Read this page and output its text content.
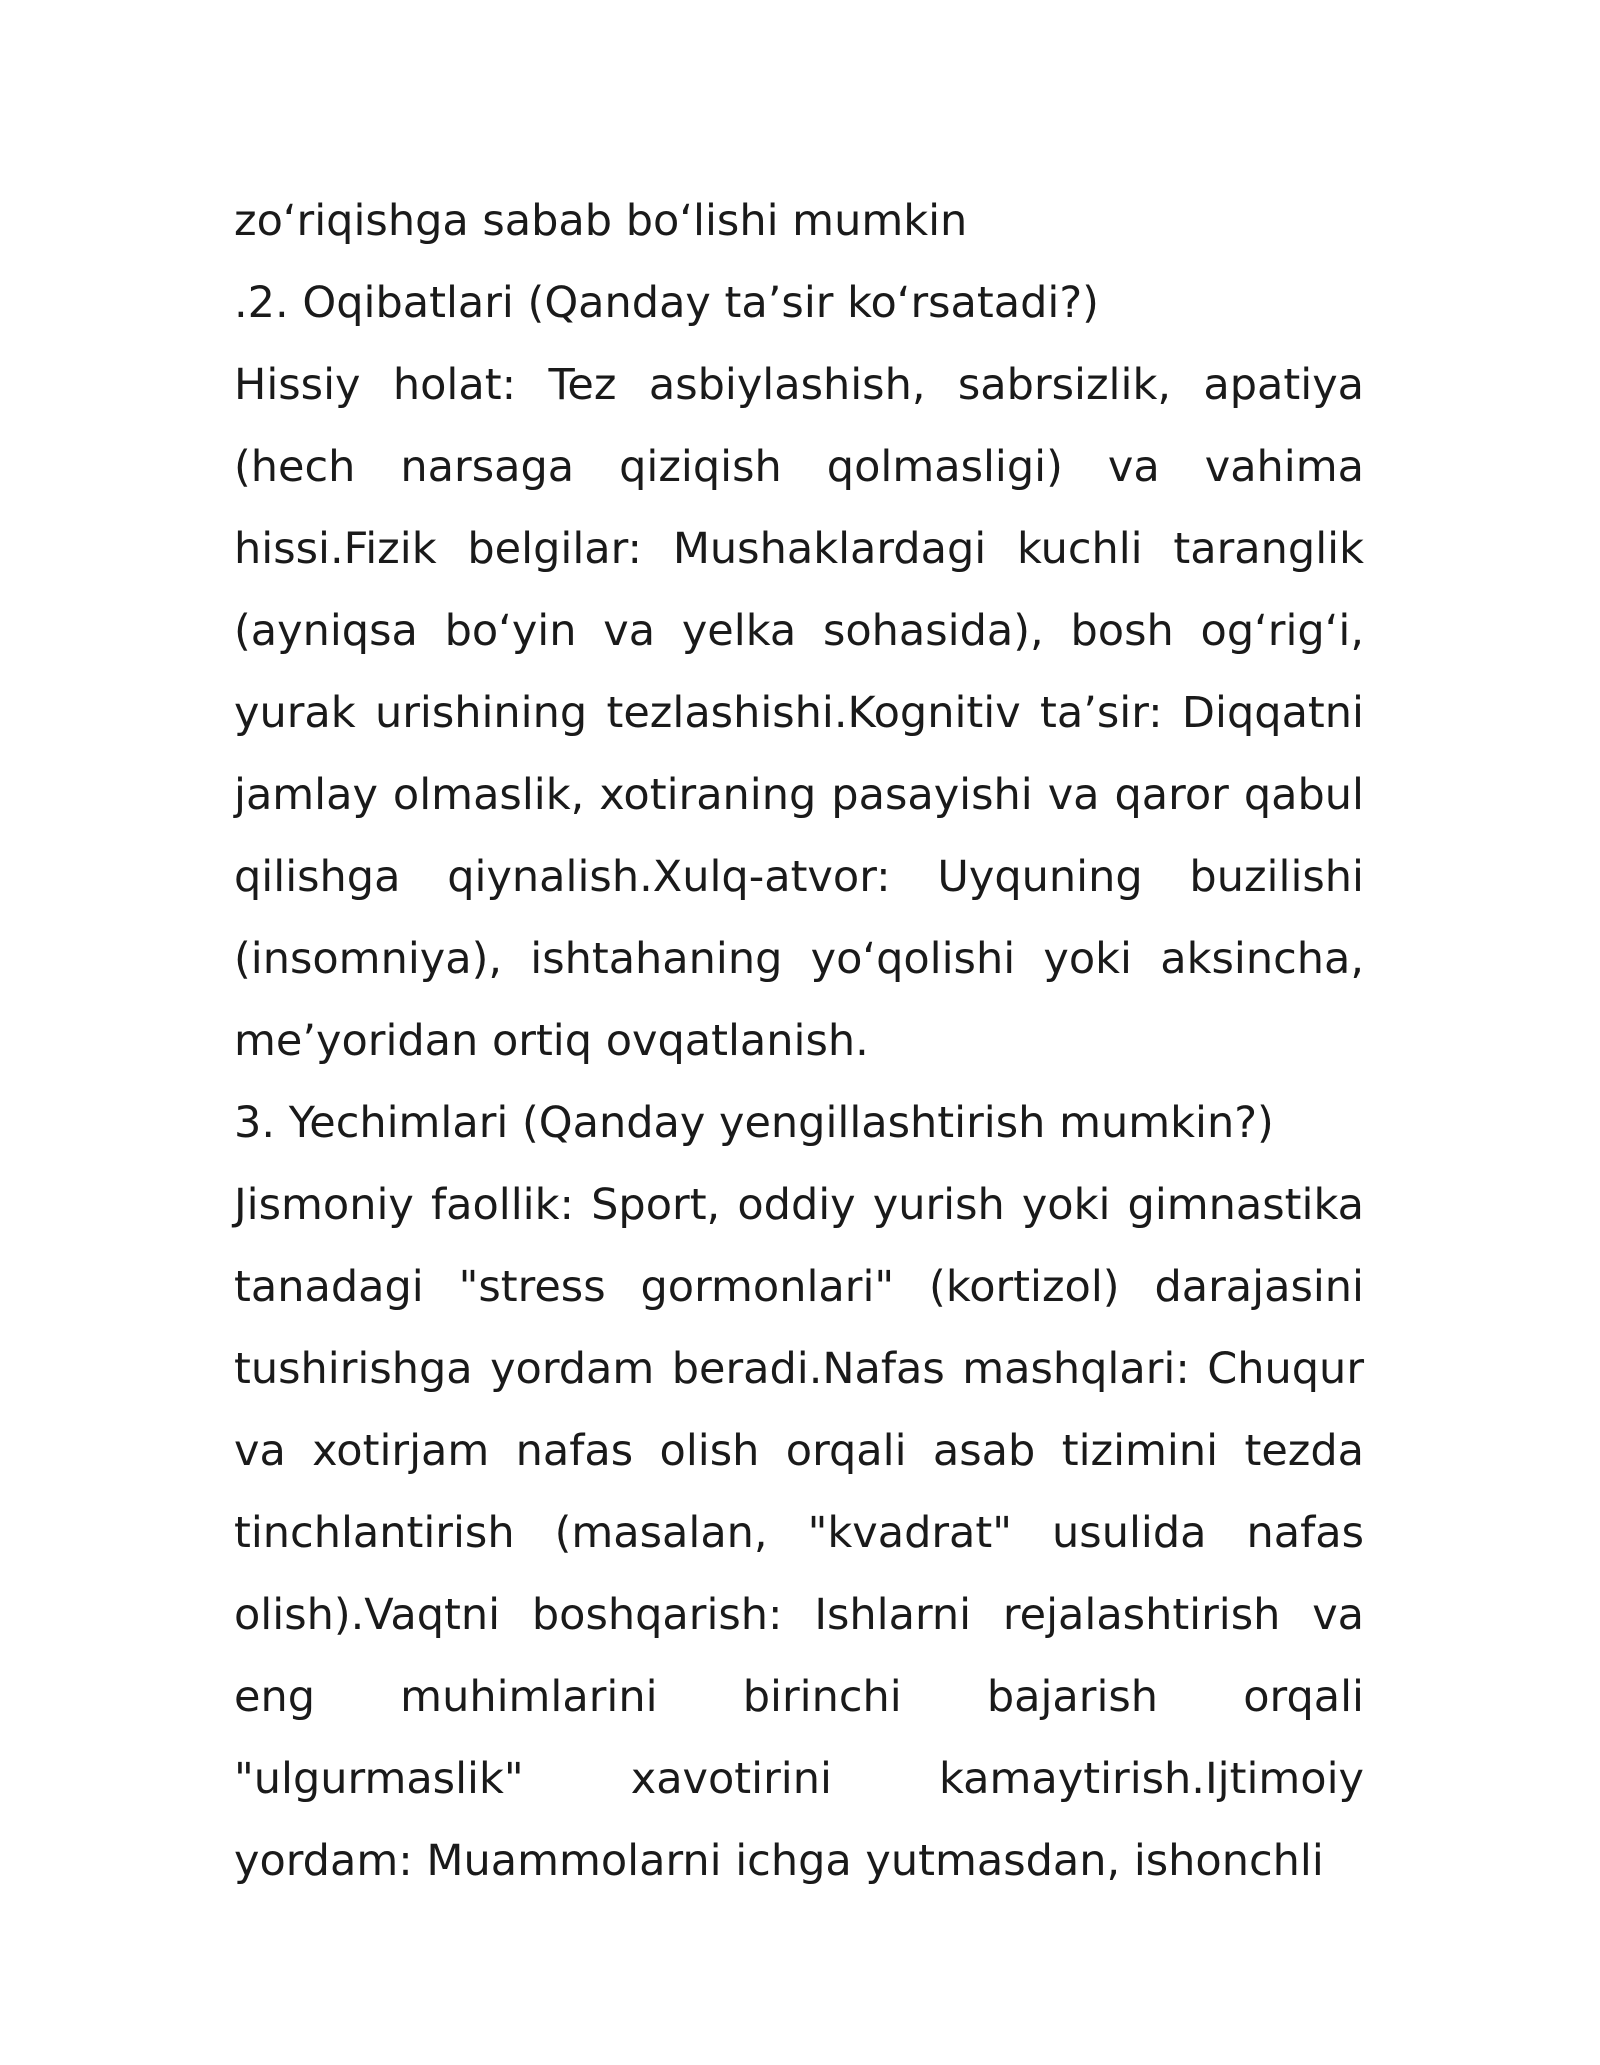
zo‘riqishga sabab bo‘lishi mumkin
.2. Oqibatlari (Qanday ta’sir ko‘rsatadi?)
Hissiy holat: Tez asbiylashish, sabrsizlik, apatiya (hech narsaga qiziqish qolmasligi) va vahima hissi.Fizik belgilar: Mushaklardagi kuchli taranglik (ayniqsa bo‘yin va yelka sohasida), bosh og‘rig‘i, yurak urishining tezlashishi.Kognitiv ta’sir: Diqqatni jamlay olmaslik, xotiraning pasayishi va qaror qabul qilishga qiynalish.Xulq-atvor: Uyquning buzilishi (insomniya), ishtahaning yo‘qolishi yoki aksincha, me’yoridan ortiq ovqatlanish.
3. Yechimlari (Qanday yengillashtirish mumkin?)
Jismoniy faollik: Sport, oddiy yurish yoki gimnastika tanadagi "stress gormonlari" (kortizol) darajasini tushirishga yordam beradi.Nafas mashqlari: Chuqur va xotirjam nafas olish orqali asab tizimini tezda tinchlantirish (masalan, "kvadrat" usulida nafas olish).Vaqtni boshqarish: Ishlarni rejalashtirish va eng muhimlarini birinchi bajarish orqali "ulgurmaslik" xavotirini kamaytirish.Ijtimoiy yordam: Muammolarni ichga yutmasdan, ishonchli
